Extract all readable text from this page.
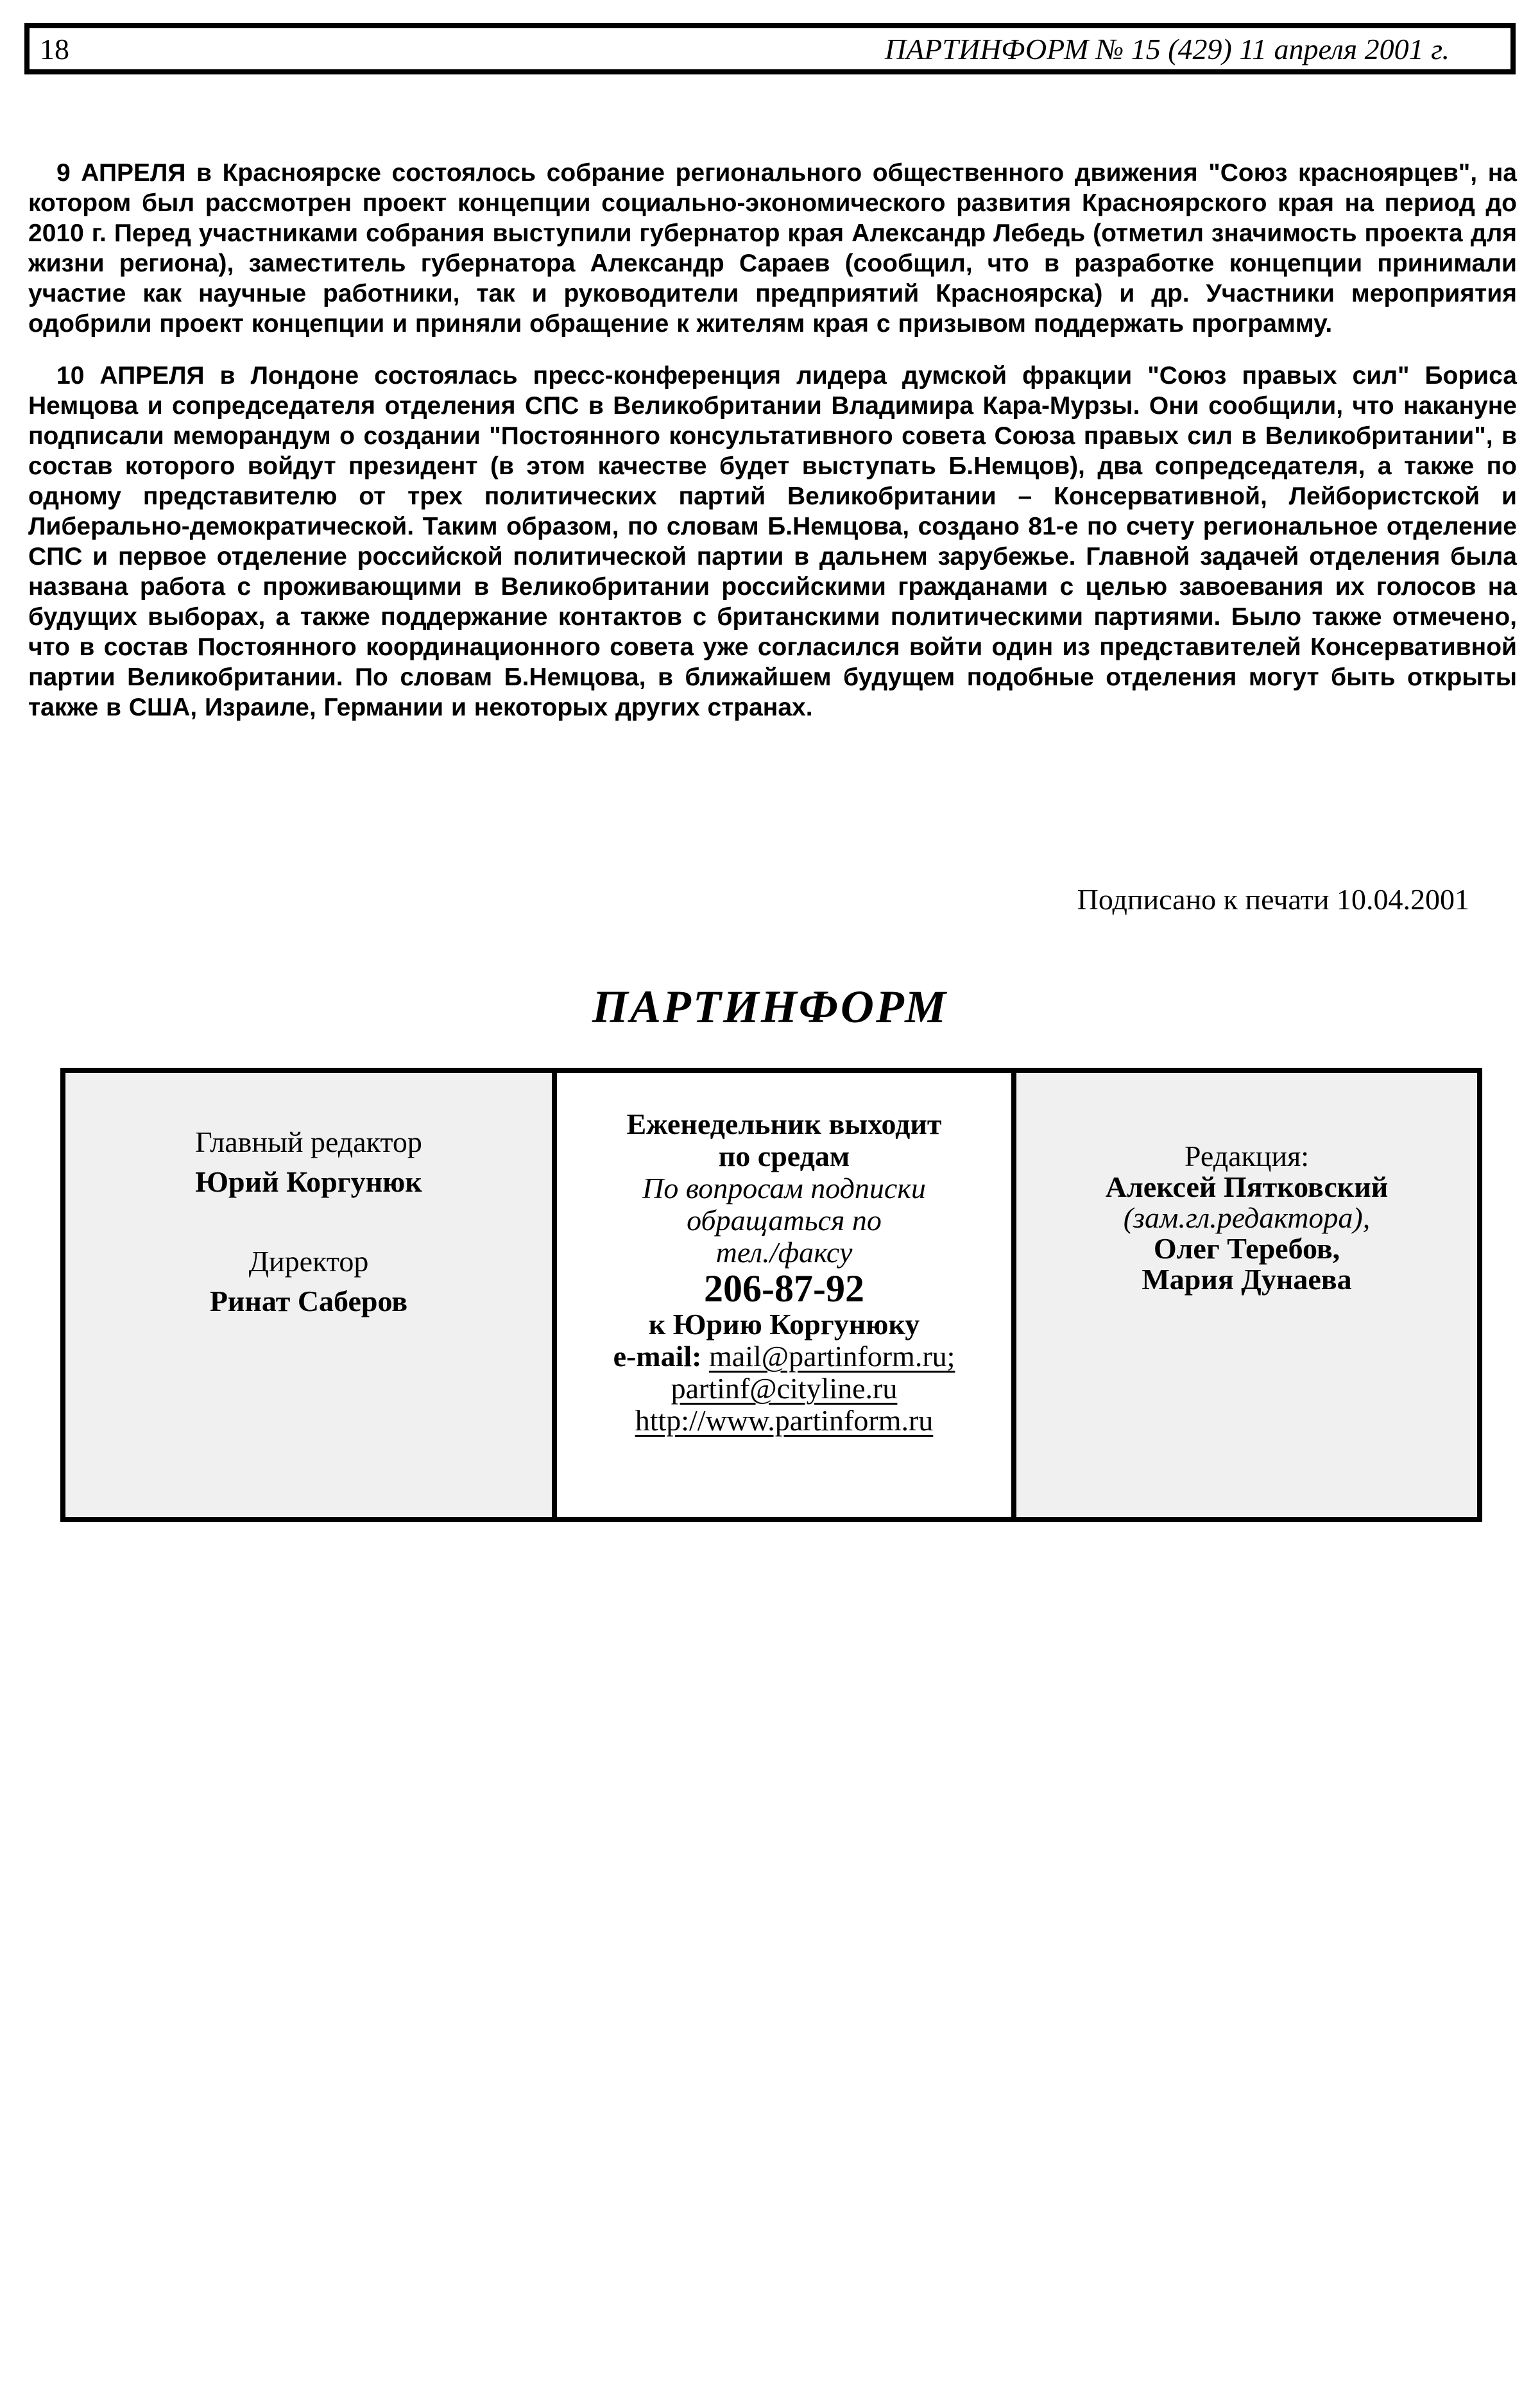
18	ПАРТИНФОРМ № 15 (429) 11 апреля 2001 г.

9 АПРЕЛЯ в Красноярске состоялось собрание регионального общественного движения "Союз красноярцев", на котором был рассмотрен проект концепции социально-экономического развития Красноярского края на период до 2010 г. Перед участниками собрания выступили губернатор края Александр Лебедь (отметил значимость проекта для жизни региона), заместитель губернатора Александр Сараев (сообщил, что в разработке концепции принимали участие как научные работники, так и руководители предприятий Красноярска) и др. Участники мероприятия одобрили проект концепции и приняли обращение к жителям края с призывом поддержать программу.

10 АПРЕЛЯ в Лондоне состоялась пресс-конференция лидера думской фракции "Союз правых сил" Бориса Немцова и сопредседателя отделения СПС в Великобритании Владимира Кара-Мурзы. Они сообщили, что накануне подписали меморандум о создании "Постоянного консультативного совета Союза правых сил в Великобритании", в состав которого войдут президент (в этом качестве будет выступать Б.Немцов), два сопредседателя, а также по одному представителю от трех политических партий Великобритании – Консервативной, Лейбористской и Либерально-демократической. Таким образом, по словам Б.Немцова, создано 81-е по счету региональное отделение СПС и первое отделение российской политической партии в дальнем зарубежье. Главной задачей отделения была названа работа с проживающими в Великобритании российскими гражданами с целью завоевания их голосов на будущих выборах, а также поддержание контактов с британскими политическими партиями. Было также отмечено, что в состав Постоянного координационного совета уже согласился войти один из представителей Консервативной партии Великобритании. По словам Б.Немцова, в ближайшем будущем подобные отделения могут быть открыты также в США, Израиле, Германии и некоторых других странах.

Подписано к печати 10.04.2001
ПАРТИНФОРМ
Главный редактор
Юрий Коргунюк
Директор
Ринат Саберов
Еженедельник выходит
по средам
По вопросам подписки
обращаться по
тел./факсу
206-87-92
к Юрию Коргунюку
e-mail: mail@partinform.ru;
partinf@cityline.ru
http://www.partinform.ru
Редакция:
Алексей Пятковский
(зам.гл.редактора),
Олег Теребов,
Мария Дунаева
